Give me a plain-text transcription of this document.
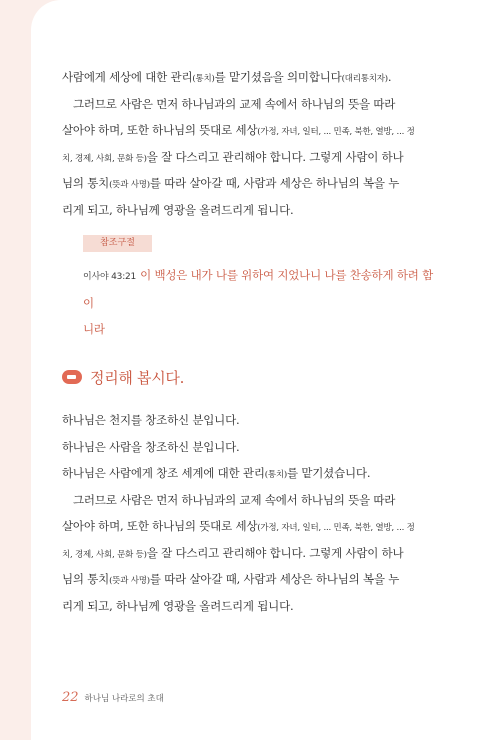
사람에게 세상에 대한 관리(통치)를 맡기셨음을 의미합니다(대리통치자).
그러므로 사람은 먼저 하나님과의 교제 속에서 하나님의 뜻을 따라
살아야 하며, 또한 하나님의 뜻대로 세상(가정, 자녀, 일터, ... 민족, 북한, 열방, ... 정
치, 경제, 사회, 문화 등)을 잘 다스리고 관리해야 합니다. 그렇게 사람이 하나
님의 통치(뜻과 사명)를 따라 살아갈 때, 사람과 세상은 하나님의 복을 누
리게 되고, 하나님께 영광을 올려드리게 됩니다.
참조구절
이사야 43:21 이 백성은 내가 나를 위하여 지었나니 나를 찬송하게 하려 함이
니라
정리해 봅시다.
하나님은 천지를 창조하신 분입니다.
하나님은 사람을 창조하신 분입니다.
하나님은 사람에게 창조 세계에 대한 관리(통치)를 맡기셨습니다.
그러므로 사람은 먼저 하나님과의 교제 속에서 하나님의 뜻을 따라
살아야 하며, 또한 하나님의 뜻대로 세상(가정, 자녀, 일터, ... 민족, 북한, 열방, ... 정
치, 경제, 사회, 문화 등)을 잘 다스리고 관리해야 합니다. 그렇게 사람이 하나
님의 통치(뜻과 사명)를 따라 살아갈 때, 사람과 세상은 하나님의 복을 누
리게 되고, 하나님께 영광을 올려드리게 됩니다.
22 하나님 나라로의 초대
